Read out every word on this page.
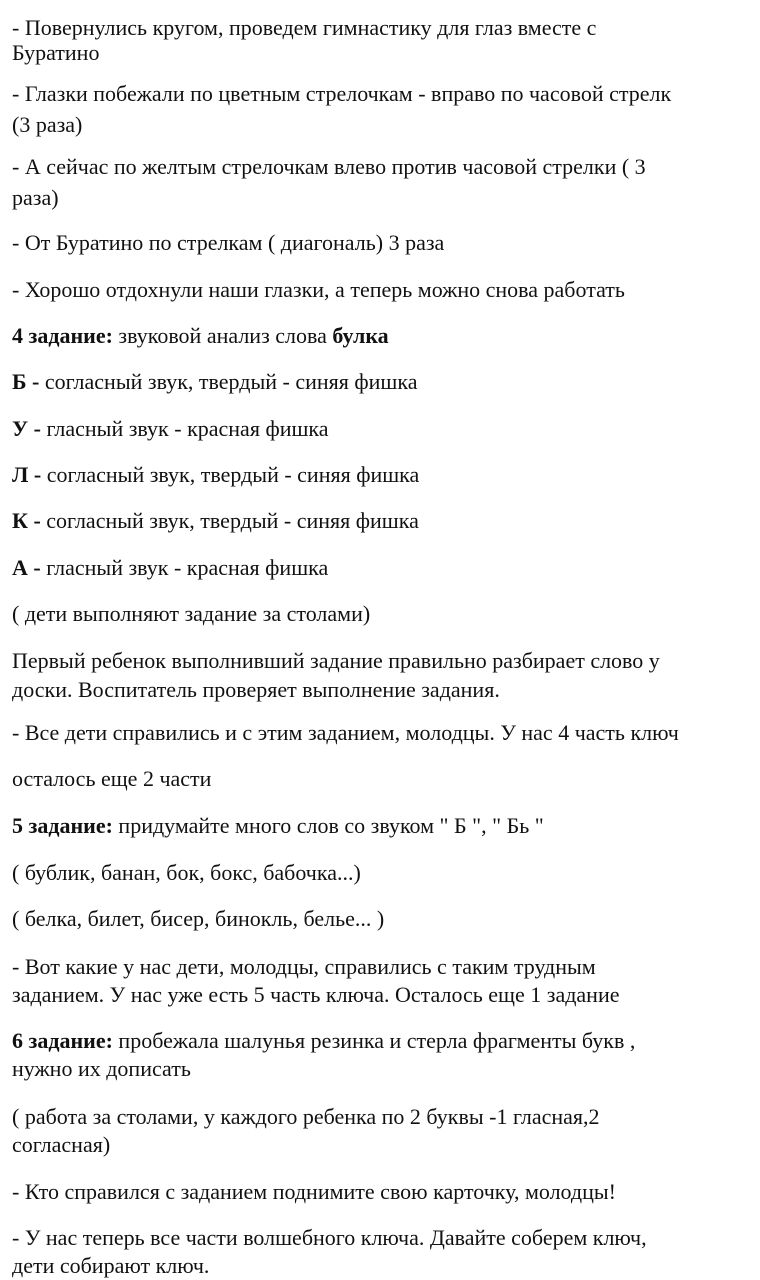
- Повернулись кругом, проведем гимнастику для глаз вместе с
Буратино
- Глазки побежали по цветным стрелочкам - вправо по часовой стрелк
(3 раза)
- А сейчас по желтым стрелочкам влево против часовой стрелки ( 3
раза)
- От Буратино по стрелкам ( диагональ) 3 раза
- Хорошо отдохнули наши глазки, а теперь можно снова работать
4 задание: звуковой анализ слова булка
Б - согласный звук, твердый - синяя фишка
У - гласный звук - красная фишка
Л - согласный звук, твердый - синяя фишка
К - согласный звук, твердый - синяя фишка
А - гласный звук - красная фишка
( дети выполняют задание за столами)
Первый ребенок выполнивший задание правильно разбирает слово у
доски. Воспитатель проверяет выполнение задания.
- Все дети справились и с этим заданием, молодцы. У нас 4 часть ключ
осталось еще 2 части
5 задание: придумайте много слов со звуком " Б ", " Бь "
( бублик, банан, бок, бокс, бабочка...)
( белка, билет, бисер, бинокль, белье... )
- Вот какие у нас дети, молодцы, справились с таким трудным
заданием. У нас уже есть 5 часть ключа. Осталось еще 1 задание
6 задание: пробежала шалунья резинка и стерла фрагменты букв ,
нужно их дописать
( работа за столами, у каждого ребенка по 2 буквы -1 гласная,2
согласная)
- Кто справился с заданием поднимите свою карточку, молодцы!
- У нас теперь все части волшебного ключа. Давайте соберем ключ,
дети собирают ключ.
